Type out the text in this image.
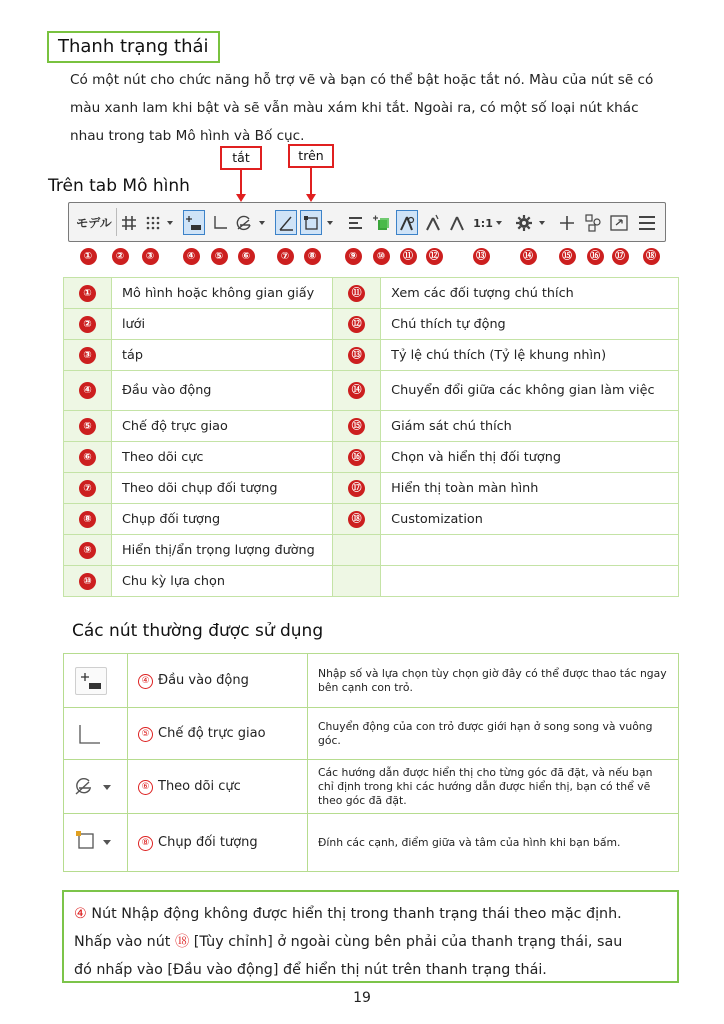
Thanh trạng thái
Có một nút cho chức năng hỗ trợ vẽ và bạn có thể bật hoặc tắt nó. Màu của nút sẽ có
màu xanh lam khi bật và sẽ vẫn màu xám khi tắt. Ngoài ra, có một số loại nút khác
nhau trong tab Mô hình và Bố cục.
tắt	trên
Trên tab Mô hình
モデル	1:1
①	②	③	④	⑤	⑥	⑦	⑧	⑨	⑩	⑪	⑫	⑬	⑭	⑮	⑯	⑰	⑱
①	Mô hình hoặc không gian giấy	⑪	Xem các đối tượng chú thích
②	lưới	⑫	Chú thích tự động
③	táp	⑬	Tỷ lệ chú thích (Tỷ lệ khung nhìn)
④	Đầu vào động	⑭	Chuyển đổi giữa các không gian làm việc
⑤	Chế độ trực giao	⑮	Giám sát chú thích
⑥	Theo dõi cực	⑯	Chọn và hiển thị đối tượng
⑦	Theo dõi chụp đối tượng	⑰	Hiển thị toàn màn hình
⑧	Chụp đối tượng	⑱	Customization
⑨	Hiển thị/ẩn trọng lượng đường		
⑩	Chu kỳ lựa chọn		
Các nút thường được sử dụng
	④ Đầu vào động	Nhập số và lựa chọn tùy chọn giờ đây có thể được thao tác ngay bên cạnh con trỏ.

	⑤ Chế độ trực giao	Chuyển động của con trỏ được giới hạn ở song song và vuông góc.

	⑥ Theo dõi cực	Các hướng dẫn được hiển thị cho từng góc đã đặt, và nếu bạn chỉ định trong khi các hướng dẫn được hiển thị, bạn có thể vẽ theo góc đã đặt.

	⑧ Chụp đối tượng	Đính các cạnh, điểm giữa và tâm của hình khi bạn bấm.
④ Nút Nhập động không được hiển thị trong thanh trạng thái theo mặc định.
Nhấp vào nút ⑱ [Tùy chỉnh] ở ngoài cùng bên phải của thanh trạng thái, sau
đó nhấp vào [Đầu vào động] để hiển thị nút trên thanh trạng thái.
19
